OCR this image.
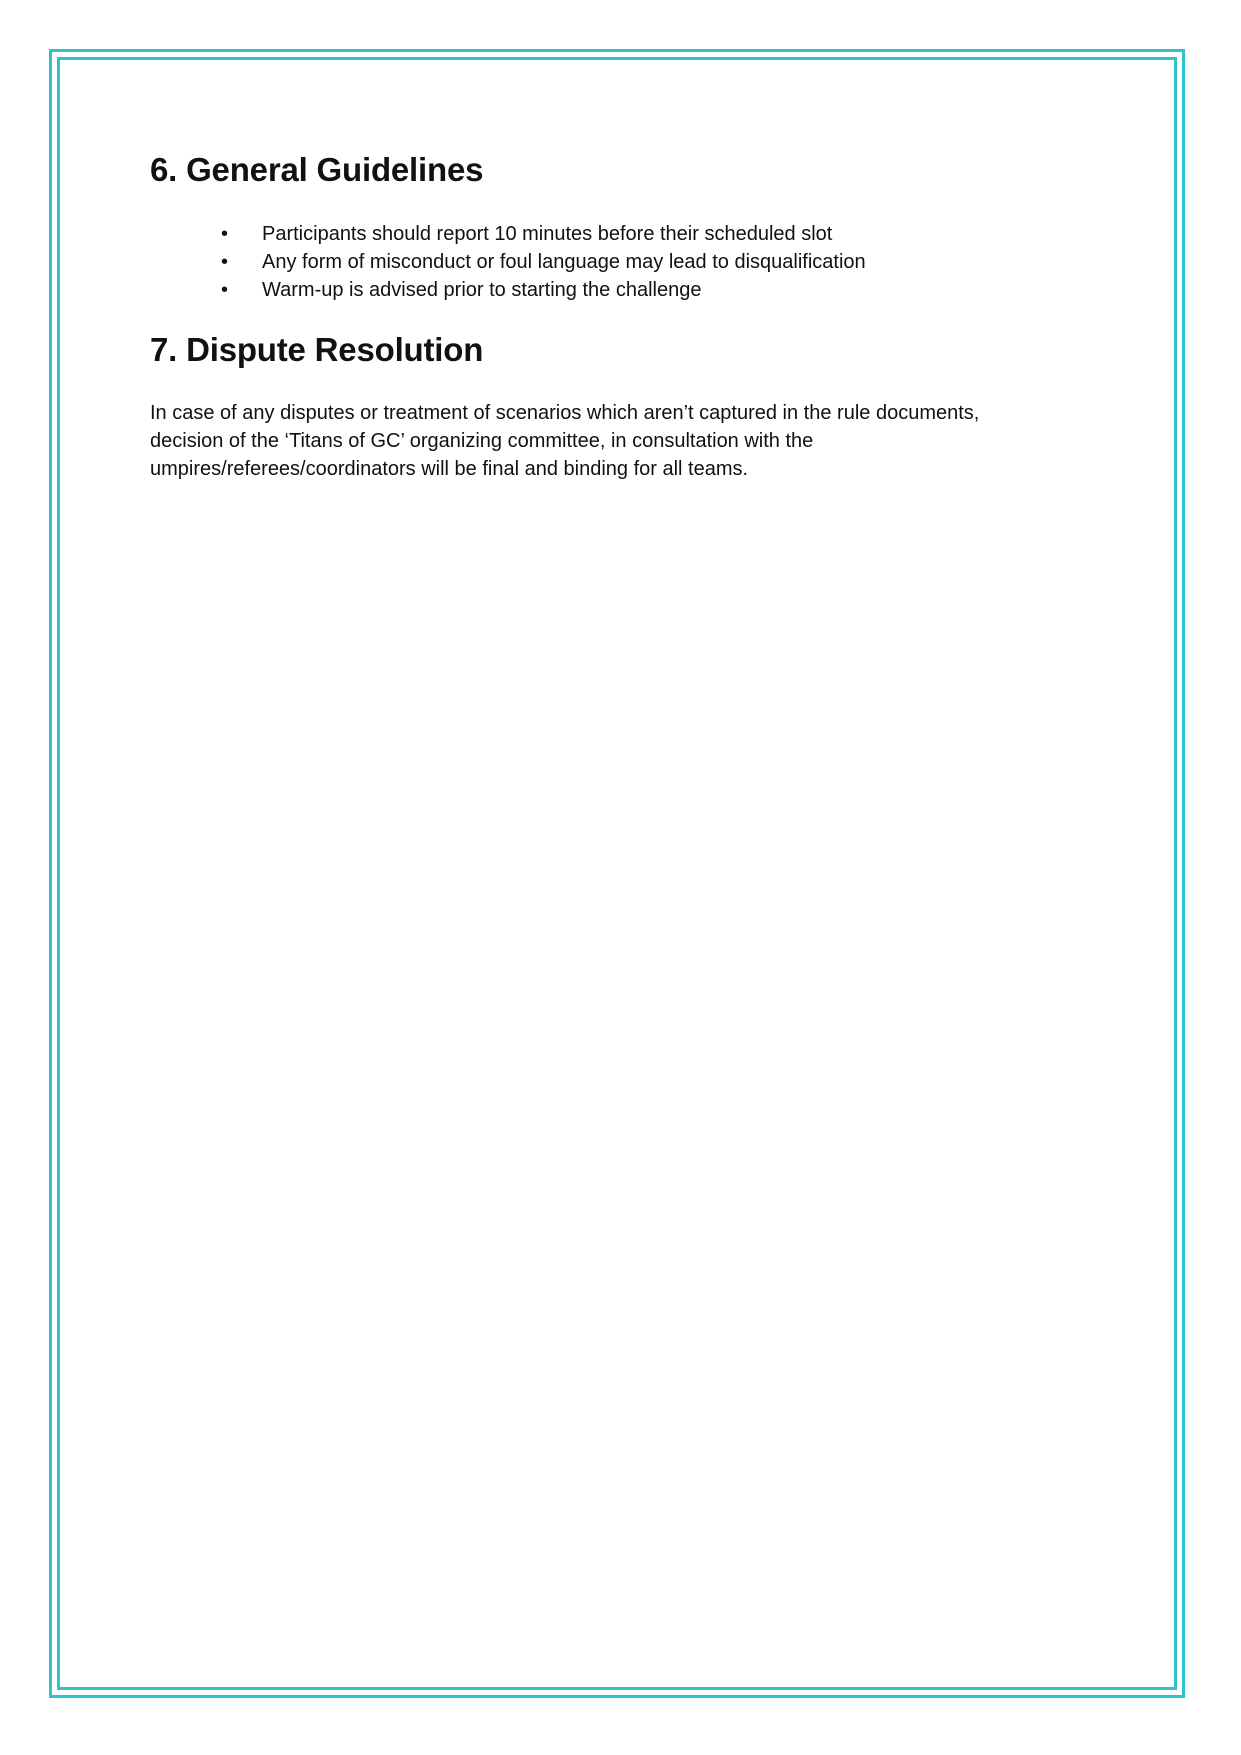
6. General Guidelines
• Participants should report 10 minutes before their scheduled slot
• Any form of misconduct or foul language may lead to disqualification
• Warm-up is advised prior to starting the challenge
7. Dispute Resolution

In case of any disputes or treatment of scenarios which aren’t captured in the rule documents,
decision of the ‘Titans of GC’ organizing committee, in consultation with the
umpires/referees/coordinators will be final and binding for all teams.
